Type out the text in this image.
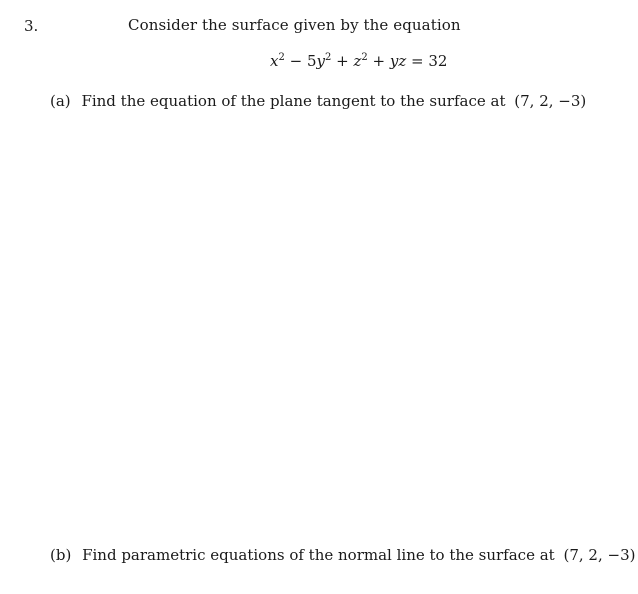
3.	Consider the surface given by the equation
$x^2 - 5y^2 + z^2$ + yz = 32
(a) Find the equation of the plane tangent to the surface at (7, 2, −3)
(b) Find parametric equations of the normal line to the surface at (7, 2, −3)
